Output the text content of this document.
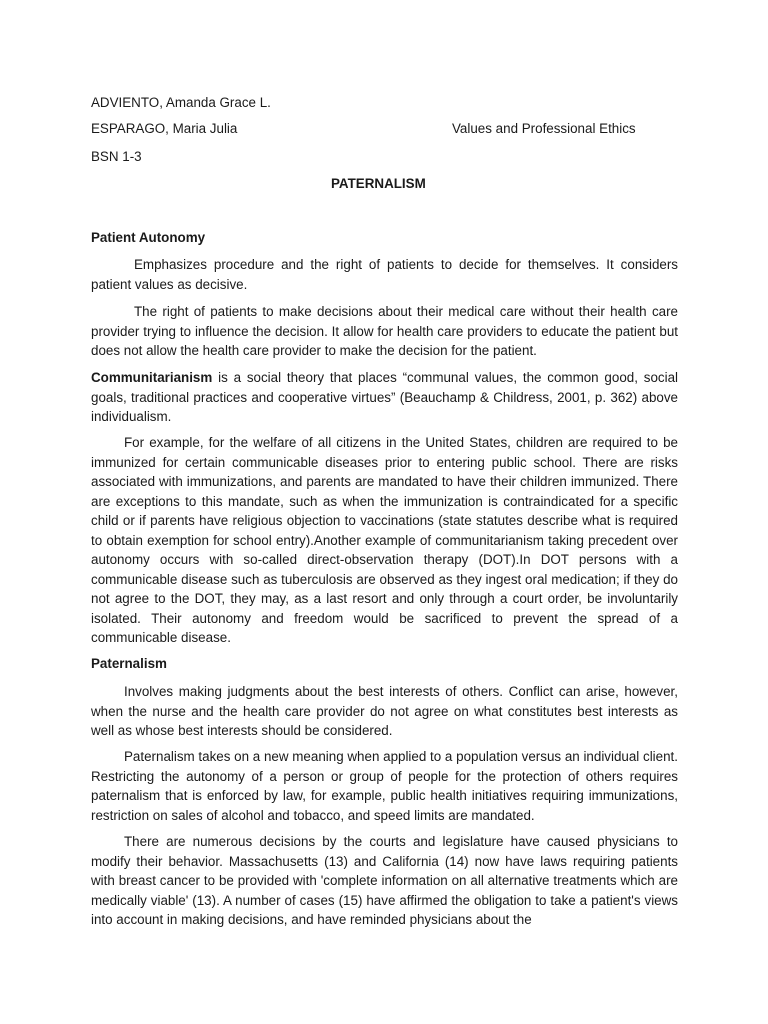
ADVIENTO, Amanda Grace L.
ESPARAGO, Maria Julia	Values and Professional Ethics
BSN 1-3
PATERNALISM
Patient Autonomy

Emphasizes procedure and the right of patients to decide for themselves. It considers patient values as decisive.

The right of patients to make decisions about their medical care without their health care provider trying to influence the decision. It allow for health care providers to educate the patient but does not allow the health care provider to make the decision for the patient.

Communitarianism is a social theory that places “communal values, the common good, social goals, traditional practices and cooperative virtues” (Beauchamp & Childress, 2001, p. 362) above individualism.

For example, for the welfare of all citizens in the United States, children are required to be immunized for certain communicable diseases prior to entering public school. There are risks associated with immunizations, and parents are mandated to have their children immunized. There are exceptions to this mandate, such as when the immunization is contraindicated for a specific child or if parents have religious objection to vaccinations (state statutes describe what is required to obtain exemption for school entry).Another example of communitarianism taking precedent over autonomy occurs with so-called direct-observation therapy (DOT).In DOT persons with a communicable disease such as tuberculosis are observed as they ingest oral medication; if they do not agree to the DOT, they may, as a last resort and only through a court order, be involuntarily isolated. Their autonomy and freedom would be sacrificed to prevent the spread of a communicable disease.

Paternalism

Involves making judgments about the best interests of others. Conflict can arise, however, when the nurse and the health care provider do not agree on what constitutes best interests as well as whose best interests should be considered.

Paternalism takes on a new meaning when applied to a population versus an individual client. Restricting the autonomy of a person or group of people for the protection of others requires paternalism that is enforced by law, for example, public health initiatives requiring immunizations, restriction on sales of alcohol and tobacco, and speed limits are mandated.

There are numerous decisions by the courts and legislature have caused physicians to modify their behavior. Massachusetts (13) and California (14) now have laws requiring patients with breast cancer to be provided with 'complete information on all alternative treatments which are medically viable' (13). A number of cases (15) have affirmed the obligation to take a patient's views into account in making decisions, and have reminded physicians about the
